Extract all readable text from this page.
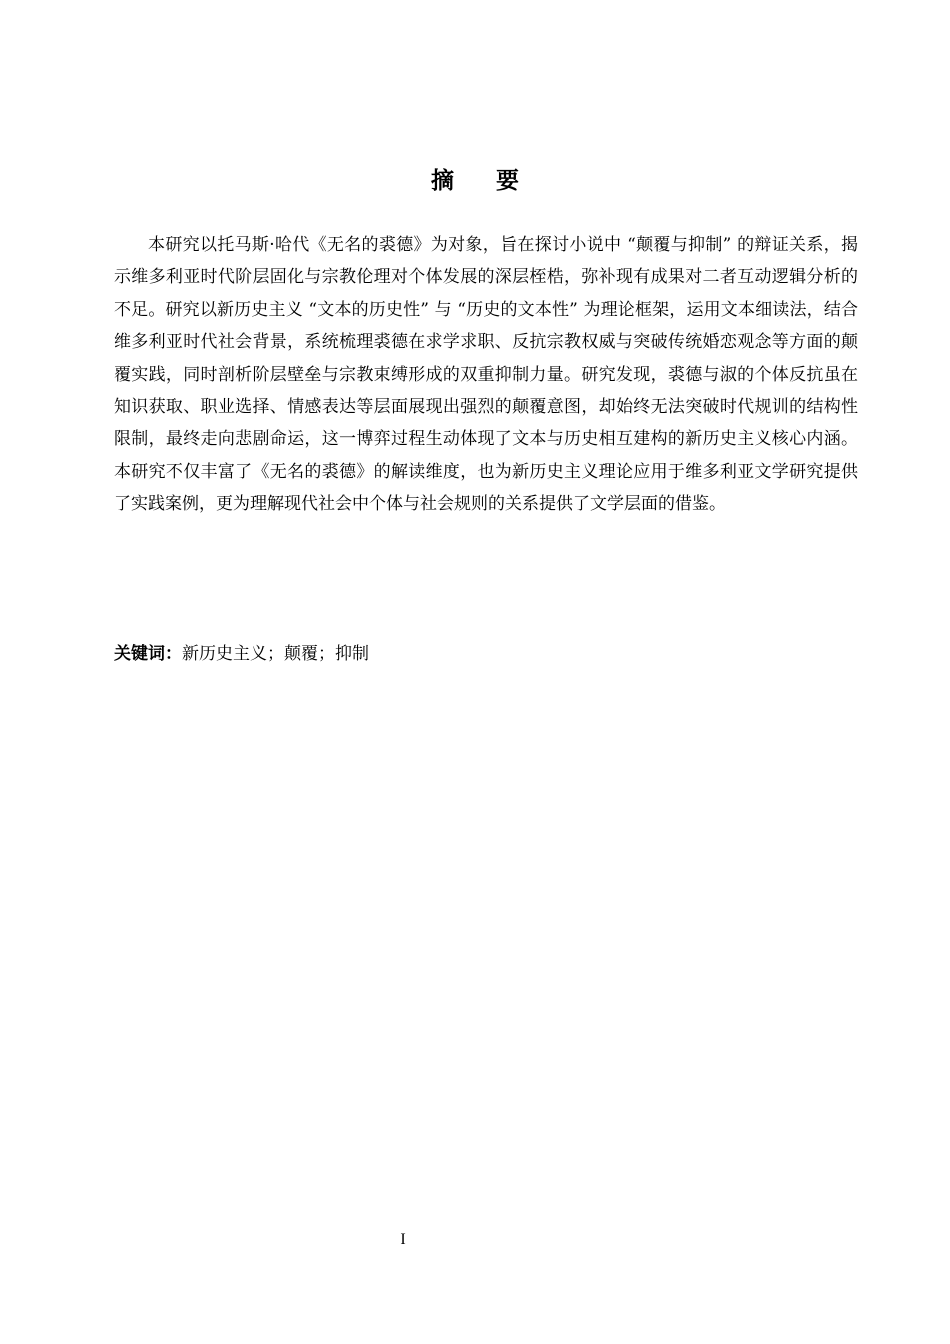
摘 要

本研究以托马斯·哈代《无名的裘德》为对象，旨在探讨小说中 “颠覆与抑制” 的辩证关系，揭示维多利亚时代阶层固化与宗教伦理对个体发展的深层桎梏，弥补现有成果对二者互动逻辑分析的不足。研究以新历史主义 “文本的历史性” 与 “历史的文本性” 为理论框架，运用文本细读法，结合维多利亚时代社会背景，系统梳理裘德在求学求职、反抗宗教权威与突破传统婚恋观念等方面的颠覆实践，同时剖析阶层壁垒与宗教束缚形成的双重抑制力量。研究发现，裘德与淑的个体反抗虽在知识获取、职业选择、情感表达等层面展现出强烈的颠覆意图，却始终无法突破时代规训的结构性限制，最终走向悲剧命运，这一博弈过程生动体现了文本与历史相互建构的新历史主义核心内涵。本研究不仅丰富了《无名的裘德》的解读维度，也为新历史主义理论应用于维多利亚文学研究提供了实践案例，更为理解现代社会中个体与社会规则的关系提供了文学层面的借鉴。

关键词：新历史主义；颠覆；抑制
I
